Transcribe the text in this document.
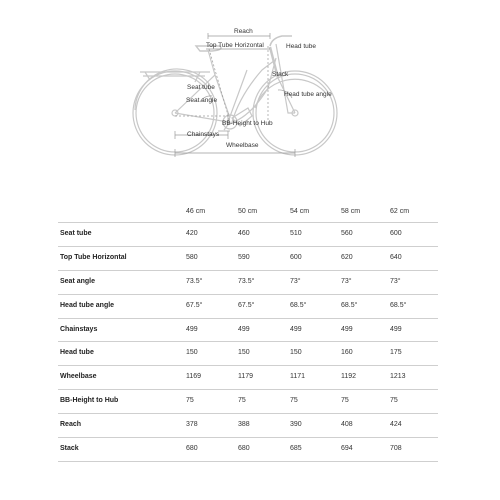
Reach
Top Tube Horizontal	Head tube
Stack
Seat tube
Head tube angle
Seat angle
BB-Height to Hub
Chainstays
Wheelbase
46 cm	50 cm	54 cm	58 cm	62 cm
Seat tube	420	460	510	560	600
Top Tube Horizontal	580	590	600	620	640
Seat angle	73.5°	73.5°	73°	73°	73°
Head tube angle	67.5°	67.5°	68.5°	68.5°	68.5°
Chainstays	499	499	499	499	499
Head tube	150	150	150	160	175
Wheelbase	1169	1179	1171	1192	1213
BB-Height to Hub	75	75	75	75	75
Reach	378	388	390	408	424
Stack	680	680	685	694	708
